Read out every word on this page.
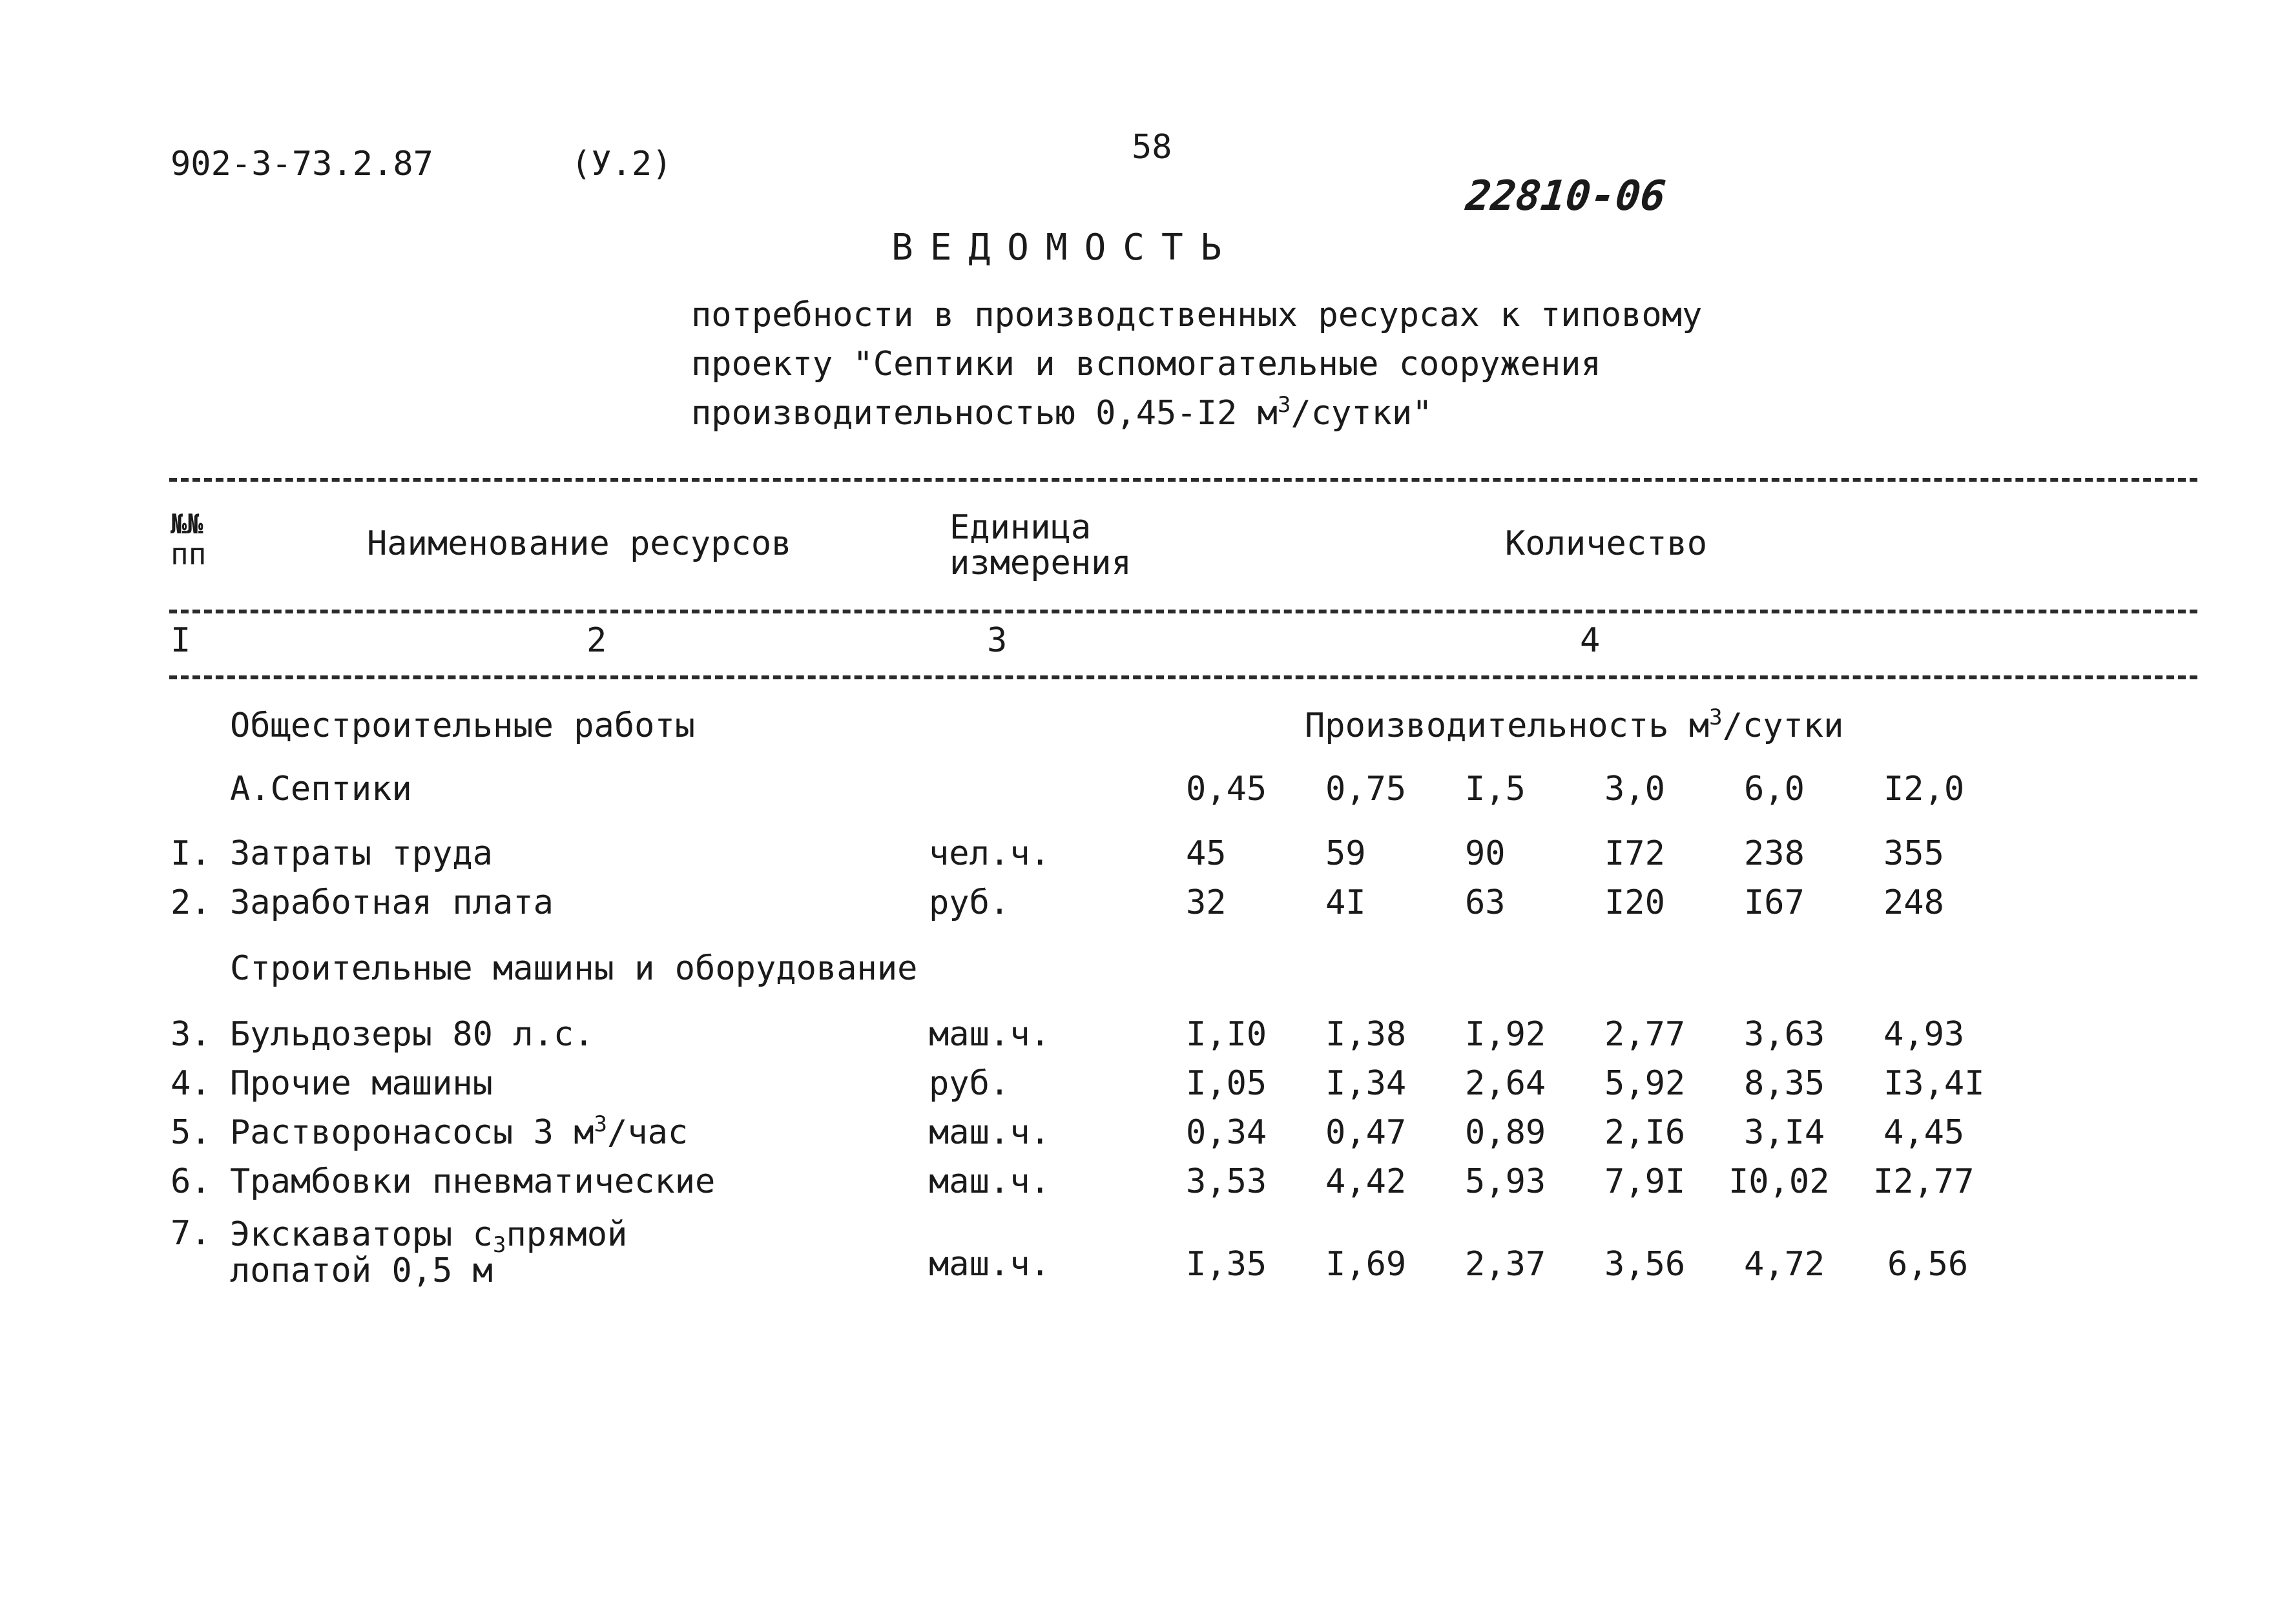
902-3-73.2.87	(У.2)	58
22810-06
ВЕДОМОСТЬ
потребности в производственных ресурсах к типовому
проекту "Септики и вспомогательные сооружения
производительностью 0,45-I2 $м^3$/сутки"
№№
пп	Наименование ресурсов	Единица
измерения
Количество
I	2	3	4
Общестроительные работы	Производительность $м^3$/сутки
А.Септики	0,45 0,75 I,5 3,0 6,0 I2,0
I. Затраты труда	чел.ч.	45	59	90	I72 238 355
2. Заработная плата	руб.	32	4I	63	I20 I67 248
Строительные машины и оборудование
3. Бульдозеры 80 л.с.	маш.ч.	I,I0 I,38 I,92 2,77 3,63 4,93
4. Прочие машины	руб.	I,05 I,34 2,64 5,92 8,35 I3,4I
5. Растворонасосы 3 $м^3$/час	маш.ч.	0,34 0,47 0,89 2,I6 3,I4 4,45
6. Трамбовки пневматические	маш.ч.	3,53 4,42 5,93 7,9I I0,02 I2,77
7. Экскаваторы $с_3прямой$
лопатой 0,5 м	маш.ч.	I,35 I,69 2,37 3,56 4,72 6,56
